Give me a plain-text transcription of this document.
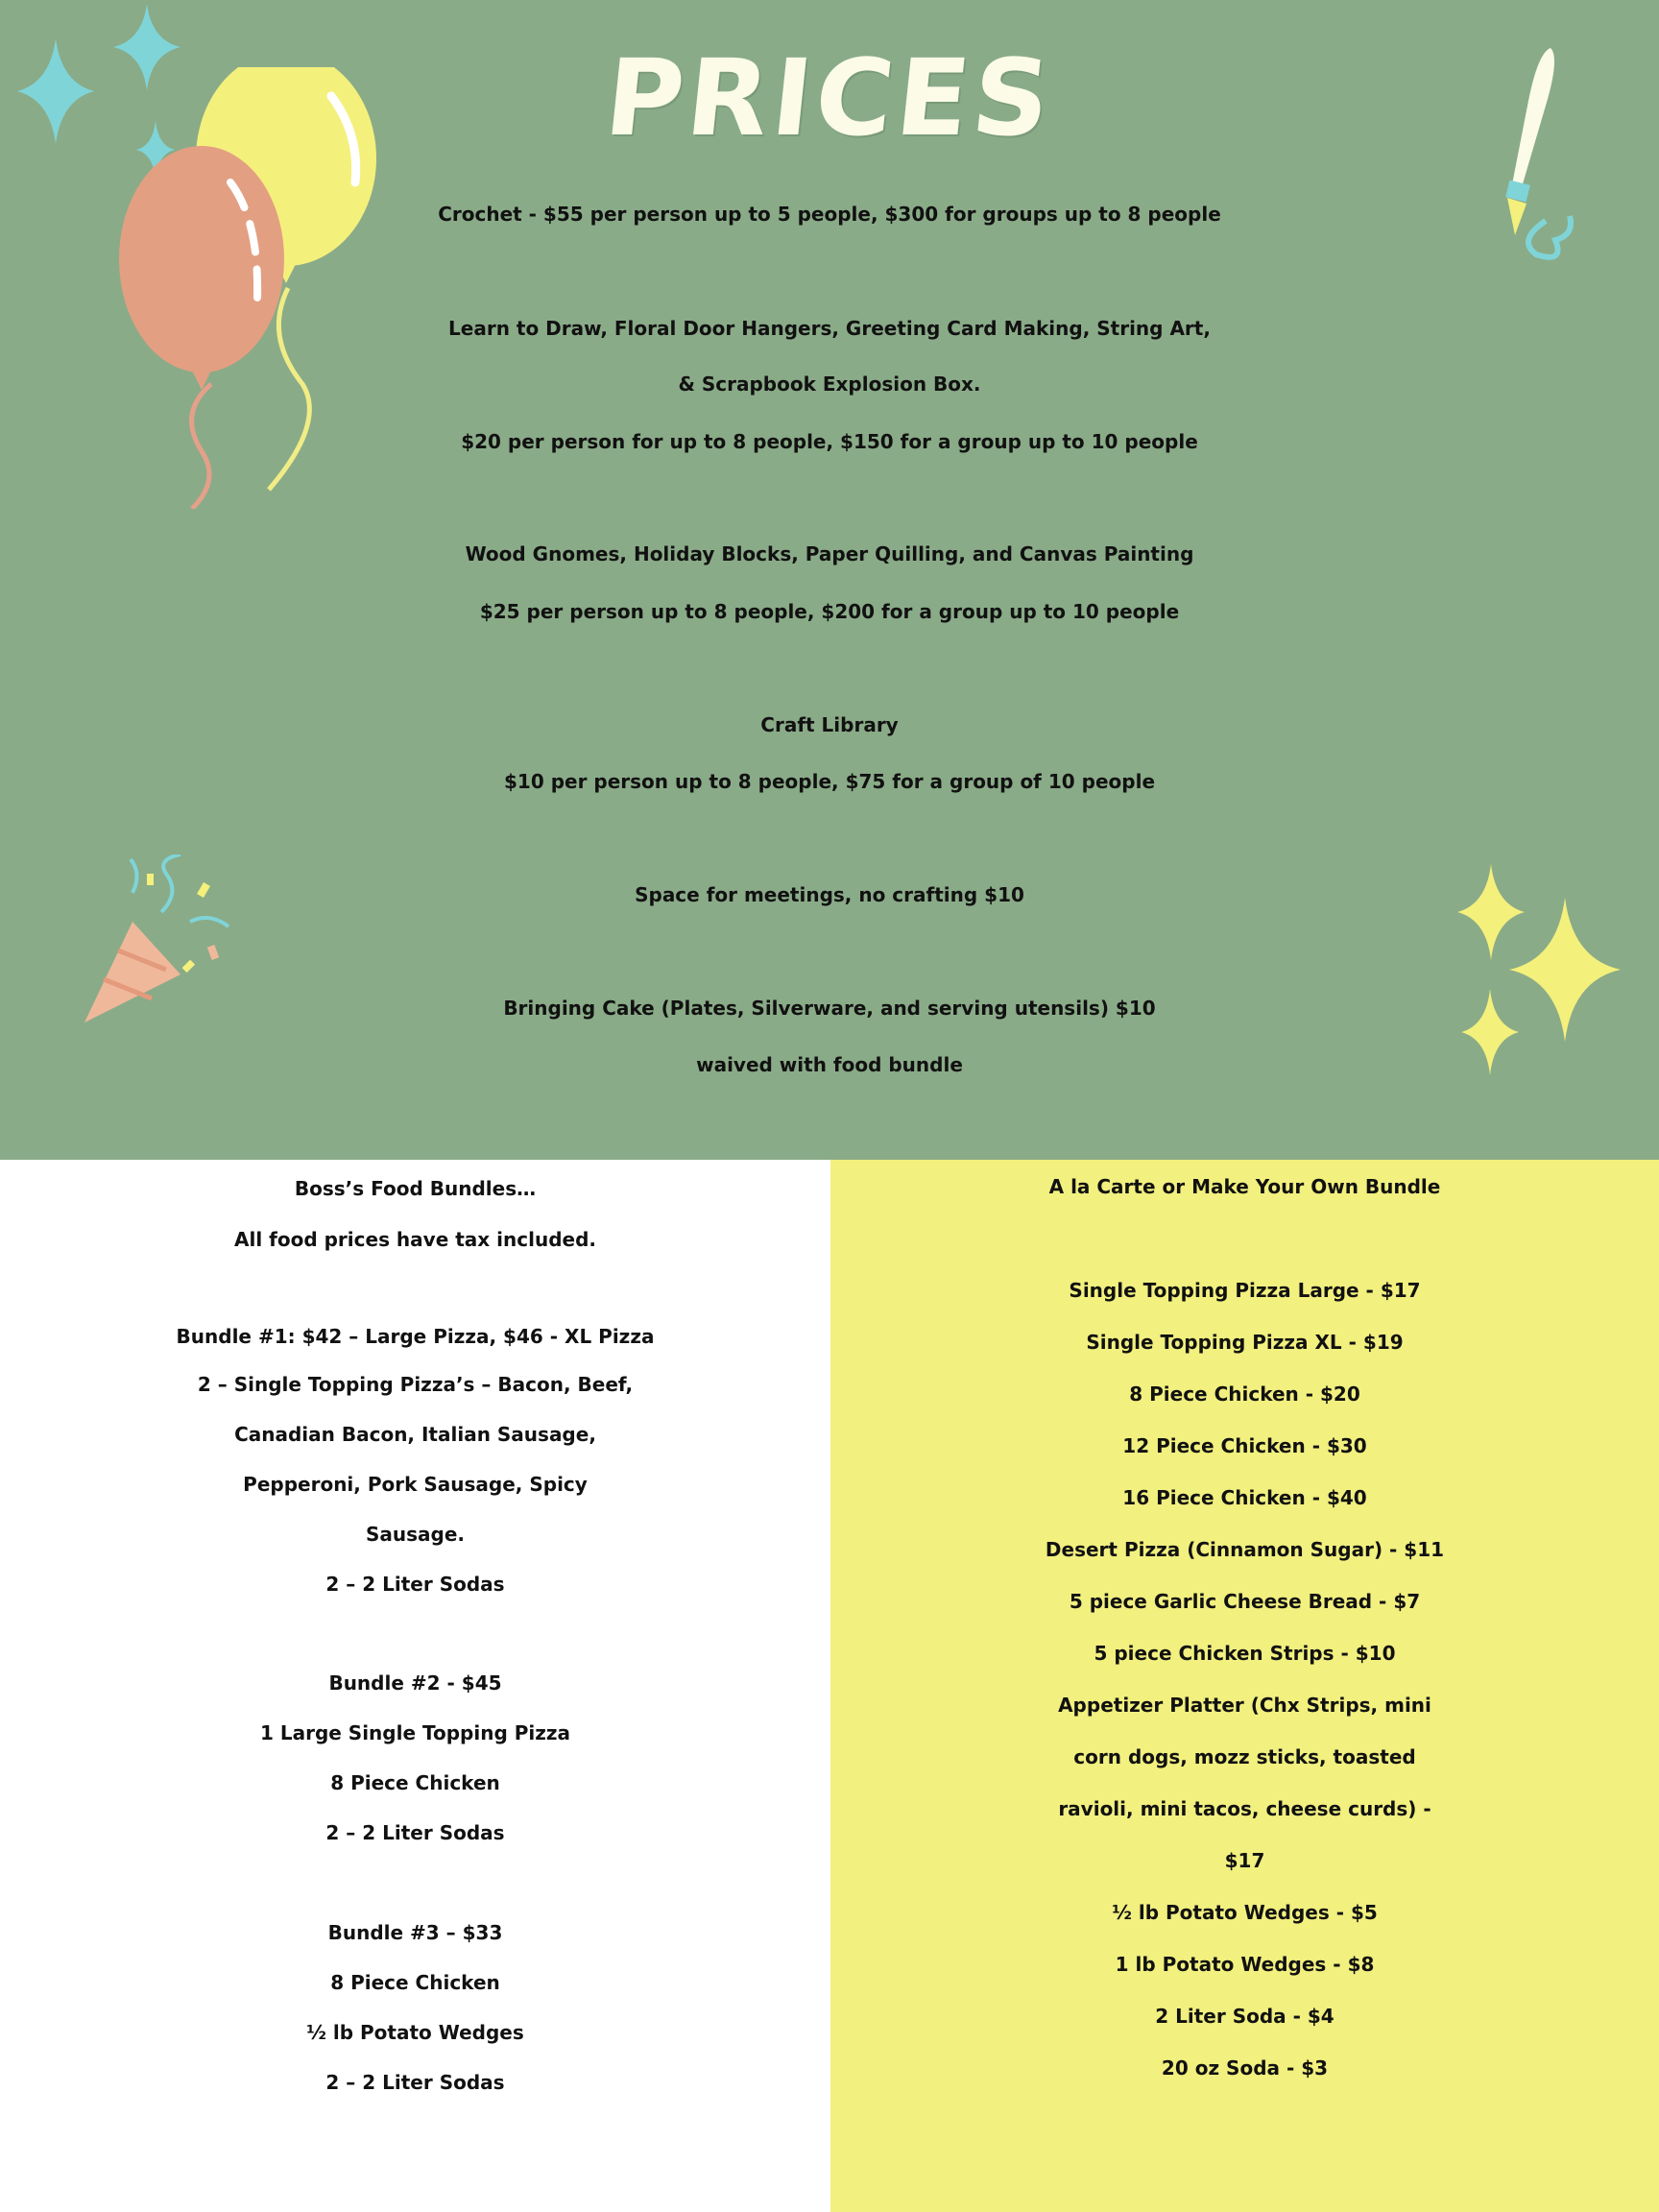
PRICES
Crochet - $55 per person up to 5 people, $300 for groups up to 8 people
Learn to Draw, Floral Door Hangers, Greeting Card Making, String Art,
& Scrapbook Explosion Box.
$20 per person for up to 8 people, $150 for a group up to 10 people
Wood Gnomes, Holiday Blocks, Paper Quilling, and Canvas Painting
$25 per person up to 8 people, $200 for a group up to 10 people
Craft Library
$10 per person up to 8 people, $75 for a group of 10 people
Space for meetings, no crafting $10
Bringing Cake (Plates, Silverware, and serving utensils) $10
waived with food bundle
Boss’s Food Bundles…
All food prices have tax included.
Bundle #1: $42 – Large Pizza, $46 - XL Pizza
2 – Single Topping Pizza’s – Bacon, Beef,
Canadian Bacon, Italian Sausage,
Pepperoni, Pork Sausage, Spicy
Sausage.
2 – 2 Liter Sodas
Bundle #2 - $45
1 Large Single Topping Pizza
8 Piece Chicken
2 – 2 Liter Sodas
Bundle #3 – $33
8 Piece Chicken
½ lb Potato Wedges
2 – 2 Liter Sodas
A la Carte or Make Your Own Bundle
Single Topping Pizza Large - $17
Single Topping Pizza XL - $19
8 Piece Chicken - $20
12 Piece Chicken - $30
16 Piece Chicken - $40
Desert Pizza (Cinnamon Sugar) - $11
5 piece Garlic Cheese Bread - $7
5 piece Chicken Strips - $10
Appetizer Platter (Chx Strips, mini
corn dogs, mozz sticks, toasted
ravioli, mini tacos, cheese curds) -
$17
½ lb Potato Wedges - $5
1 lb Potato Wedges - $8
2 Liter Soda - $4
20 oz Soda - $3
